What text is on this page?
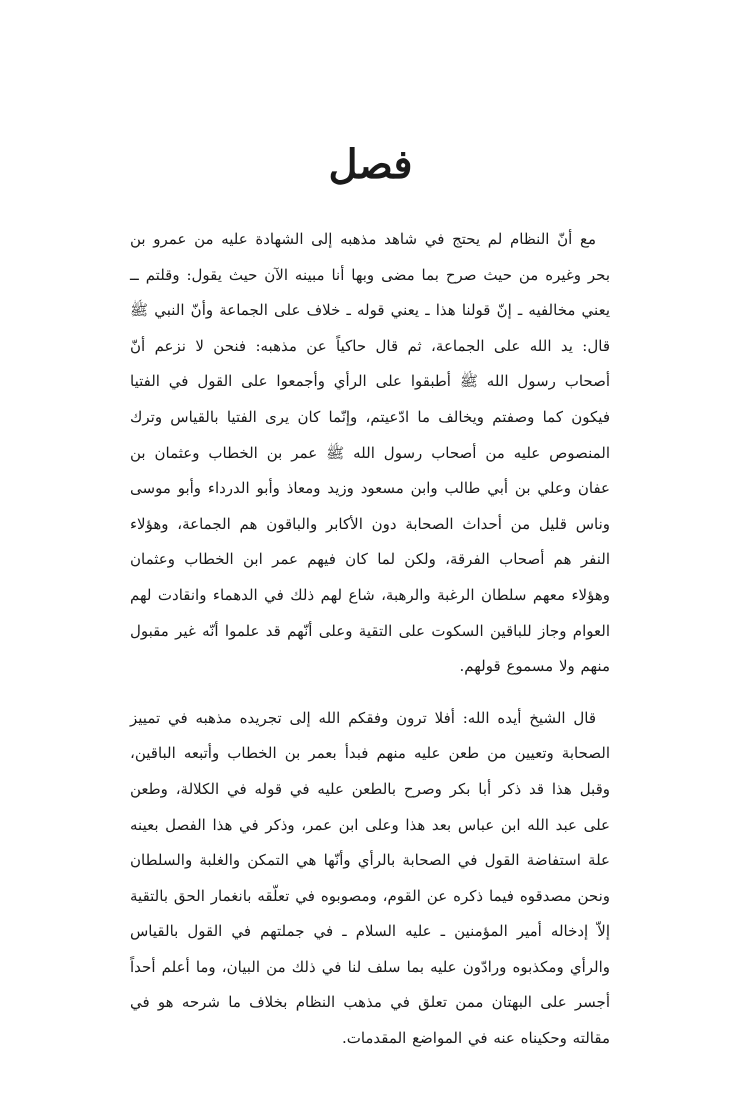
فصل

مع أنّ النظام لم يحتج في شاهد مذهبه إلى الشهادة عليه من عمرو بن بحر وغيره من حيث صرح بما مضى وبها أنا مبينه الآن حيث يقول: وقلتم ــ يعني مخالفيه ـ إنّ قولنا هذا ـ يعني قوله ـ خلاف على الجماعة وأنّ النبي ﷺ قال: يد الله على الجماعة، ثم قال حاكياً عن مذهبه: فنحن لا نزعم أنّ أصحاب رسول الله ﷺ أطبقوا على الرأي وأجمعوا على القول في الفتيا فيكون كما وصفتم ويخالف ما ادّعيتم، وإنّما كان يرى الفتيا بالقياس وترك المنصوص عليه من أصحاب رسول الله ﷺ عمر بن الخطاب وعثمان بن عفان وعلي بن أبي طالب وابن مسعود وزيد ومعاذ وأبو الدرداء وأبو موسى وناس قليل من أحداث الصحابة دون الأكابر والباقون هم الجماعة، وهؤلاء النفر هم أصحاب الفرقة، ولكن لما كان فيهم عمر ابن الخطاب وعثمان وهؤلاء معهم سلطان الرغبة والرهبة، شاع لهم ذلك في الدهماء وانقادت لهم العوام وجاز للباقين السكوت على التقية وعلى أنّهم قد علموا أنّه غير مقبول منهم ولا مسموع قولهم.

قال الشيخ أيده الله: أفلا ترون وفقكم الله إلى تجريده مذهبه في تمييز الصحابة وتعيين من طعن عليه منهم فبدأ بعمر بن الخطاب وأتبعه الباقين، وقبل هذا قد ذكر أبا بكر وصرح بالطعن عليه في قوله في الكلالة، وطعن على عبد الله ابن عباس بعد هذا وعلى ابن عمر، وذكر في هذا الفصل بعينه علة استفاضة القول في الصحابة بالرأي وأنّها هي التمكن والغلبة والسلطان ونحن مصدقوه فيما ذكره عن القوم، ومصوبوه في تعلّقه بانغمار الحق بالتقية إلاّ إدخاله أمير المؤمنين ـ عليه السلام ـ في جملتهم في القول بالقياس والرأي ومكذبوه ورادّون عليه بما سلف لنا في ذلك من البيان، وما أعلم أحداً أجسر على البهتان ممن تعلق في مذهب النظام بخلاف ما شرحه هو في مقالته وحكيناه عنه في المواضع المقدمات.
